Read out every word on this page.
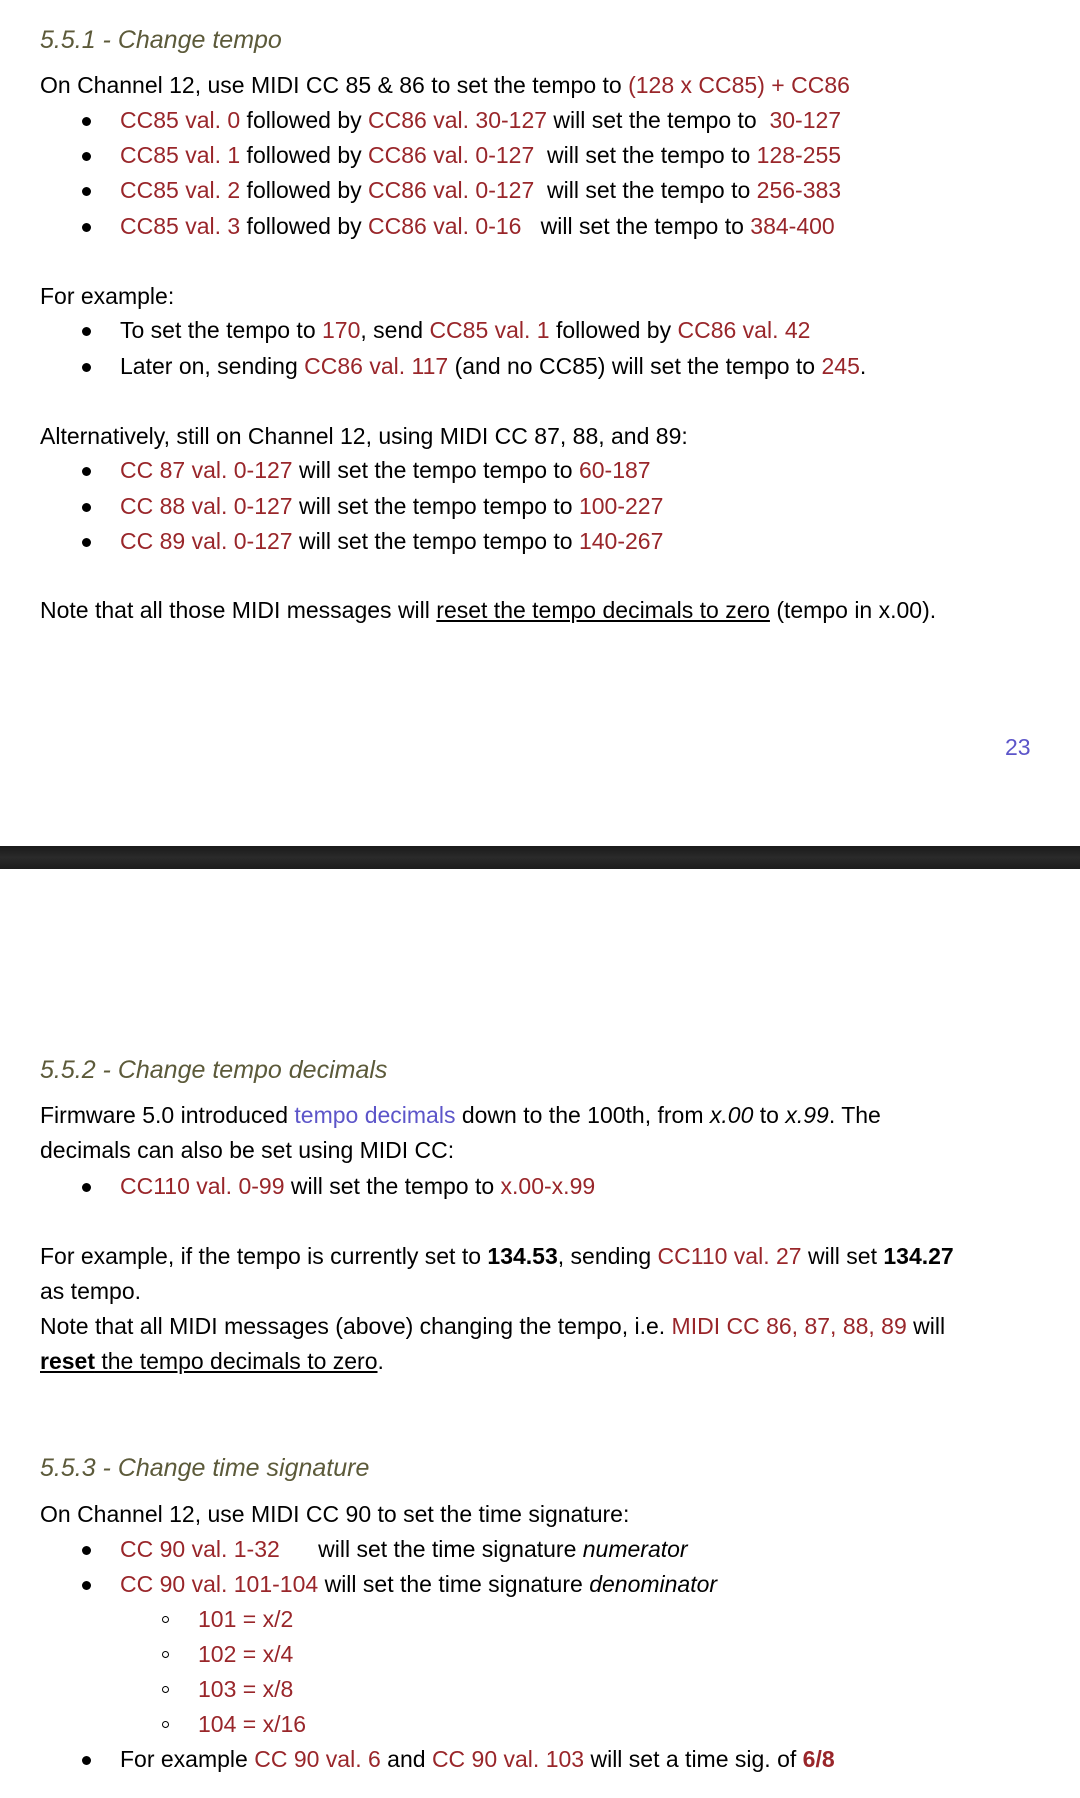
5.5.1 - Change tempo
On Channel 12, use MIDI CC 85 & 86 to set the tempo to (128 x CC85) + CC86
CC85 val. 0 followed by CC86 val. 30-127 will set the tempo to  30-127
CC85 val. 1 followed by CC86 val. 0-127  will set the tempo to 128-255
CC85 val. 2 followed by CC86 val. 0-127  will set the tempo to 256-383
CC85 val. 3 followed by CC86 val. 0-16   will set the tempo to 384-400
For example:
To set the tempo to 170, send CC85 val. 1 followed by CC86 val. 42
Later on, sending CC86 val. 117 (and no CC85) will set the tempo to 245.
Alternatively, still on Channel 12, using MIDI CC 87, 88, and 89:
CC 87 val. 0-127 will set the tempo tempo to 60-187
CC 88 val. 0-127 will set the tempo tempo to 100-227
CC 89 val. 0-127 will set the tempo tempo to 140-267
Note that all those MIDI messages will reset the tempo decimals to zero (tempo in x.00).
23
5.5.2 - Change tempo decimals
Firmware 5.0 introduced tempo decimals down to the 100th, from x.00 to x.99. The
decimals can also be set using MIDI CC:
CC110 val. 0-99 will set the tempo to x.00-x.99
For example, if the tempo is currently set to 134.53, sending CC110 val. 27 will set 134.27
as tempo.
Note that all MIDI messages (above) changing the tempo, i.e. MIDI CC 86, 87, 88, 89 will
reset the tempo decimals to zero.
5.5.3 - Change time signature
On Channel 12, use MIDI CC 90 to set the time signature:
CC 90 val. 1-32      will set the time signature numerator
CC 90 val. 101-104 will set the time signature denominator
101 = x/2
102 = x/4
103 = x/8
104 = x/16
For example CC 90 val. 6 and CC 90 val. 103 will set a time sig. of 6/8
